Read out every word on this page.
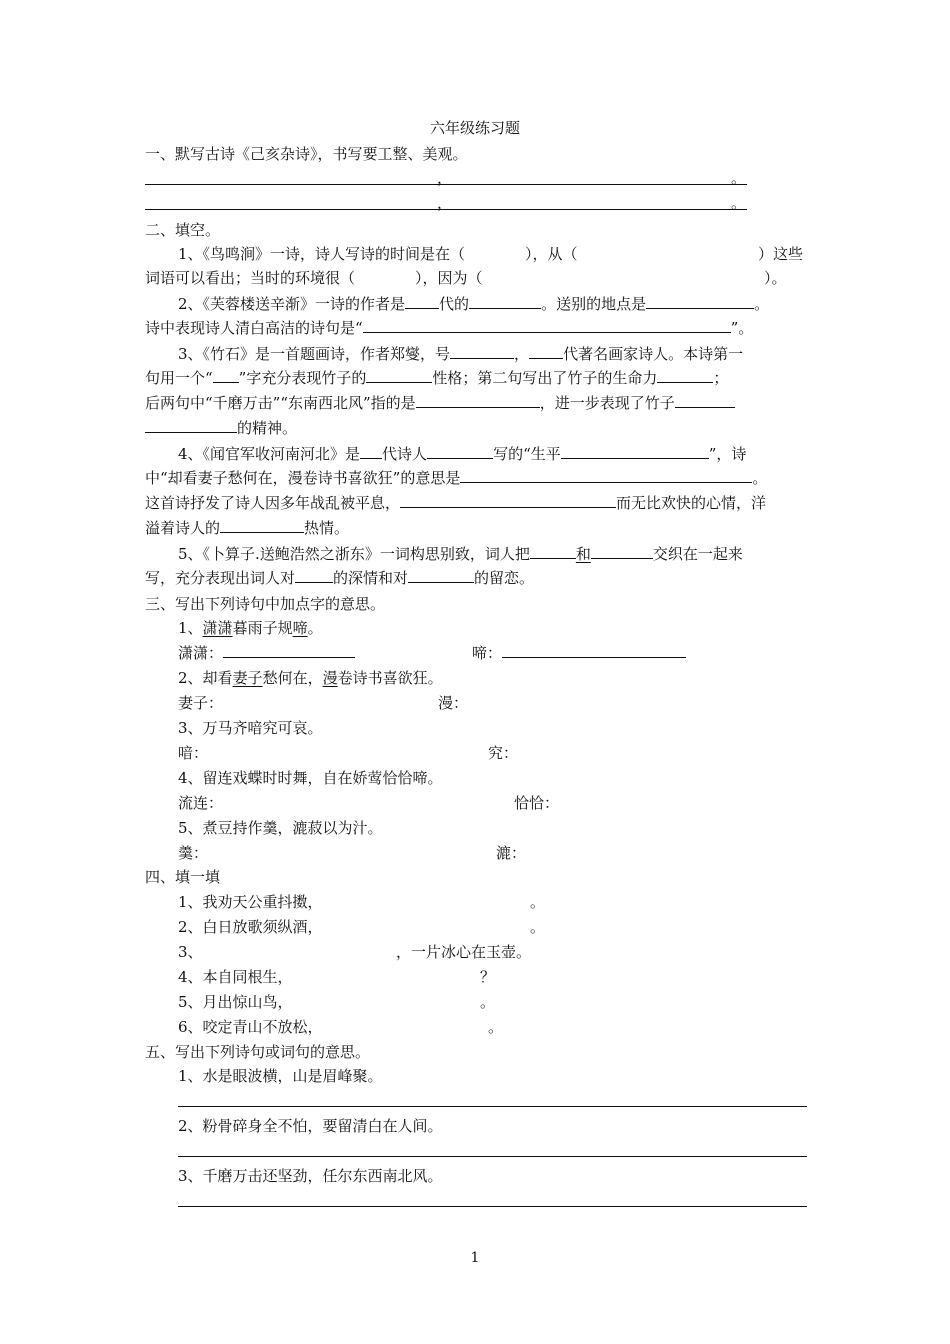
六年级练习题
一、默写古诗《己亥杂诗》，书写要工整、美观。
，	。
，	。
二、填空。
1、《鸟鸣涧》一诗，诗人写诗的时间是在（	），从（	）这些
词语可以看出；当时的环境很（	），因为（	）。
2、《芙蓉楼送辛渐》一诗的作者是 代的	。送别的地点是	。
诗中表现诗人清白高洁的诗句是“	”。
3、《竹石》是一首题画诗，作者郑燮，号	， 代著名画家诗人。本诗第一
句用一个“ ”字充分表现竹子的	性格；第二句写出了竹子的生命力	；
后两句中“千磨万击”“东南西北风”指的是	，进一步表现了竹子
的精神。
4、《闻官军收河南河北》是 代诗人	写的“生平	”，诗
中“却看妻子愁何在，漫卷诗书喜欲狂”的意思是	。
这首诗抒发了诗人因多年战乱被平息，	而无比欢快的心情，洋
溢着诗人的	热情。
5、《卜算子.送鲍浩然之浙东》一词构思别致，词人把	和	交织在一起来
写，充分表现出词人对	的深情和对	的留恋。
三、写出下列诗句中加点字的意思。
1、潇潇暮雨子规啼。
潇潇：	啼：
2、却看妻子愁何在，漫卷诗书喜欲狂。
妻子：	漫：
3、万马齐喑究可哀。
喑：	究：
4、留连戏蝶时时舞，自在娇莺恰恰啼。
流连：	恰恰：
5、煮豆持作羹，漉菽以为汁。
羹：	漉：
四、填一填
1、我劝天公重抖擞，	。
2、白日放歌须纵酒，	。
3、	，一片冰心在玉壶。
4、本自同根生，	？
5、月出惊山鸟，	。
6、咬定青山不放松，	。
五、写出下列诗句或词句的意思。
1、水是眼波横，山是眉峰聚。
2、粉骨碎身全不怕，要留清白在人间。
3、千磨万击还坚劲，任尔东西南北风。
1
